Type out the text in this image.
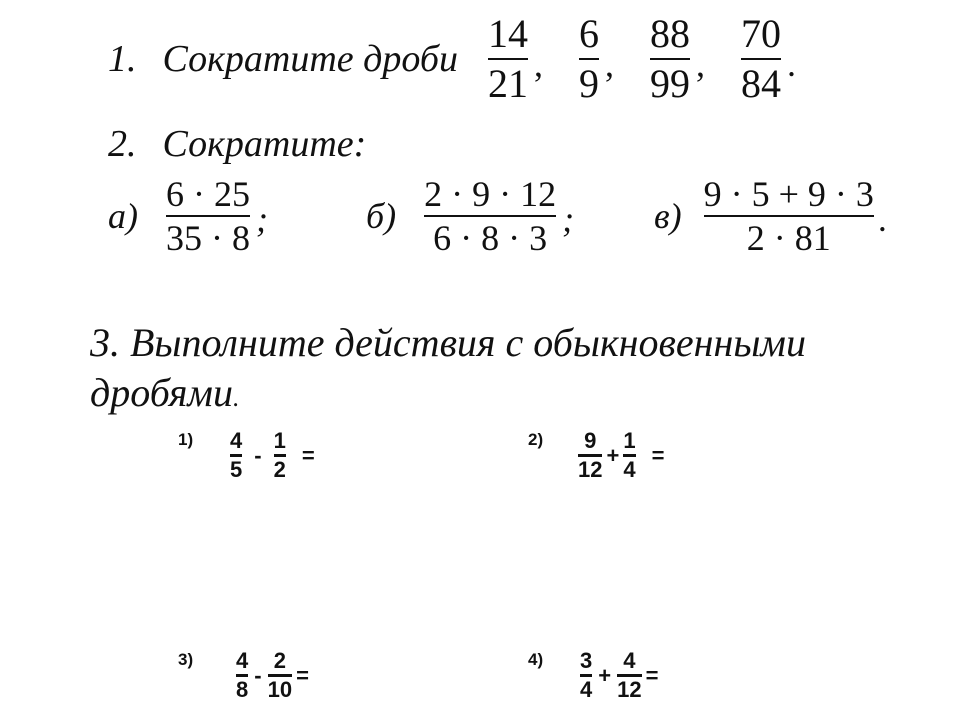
1. Сократите дроби $\frac{14}{21}$ , $\frac{6}{9}$ , $\frac{88}{99}$ , $\frac{70}{84}$ .
2. Сократите:
$а) \frac{6 \cdot 25}{35 \cdot 8}$ ;	$б) \frac{2 \cdot 9 \cdot 12}{6 \cdot 8 \cdot 3}$ ; $в) \frac{9 \cdot 5 + 9 \cdot 3}{2 \cdot 81}$ .
3. Выполните действия с обыкновенными
дробями.
$1) \frac{4}{5} - \frac{1}{2}$ =
$2) \frac{9}{12} + \frac{1}{4}$ =
$3) \frac{4}{8} - \frac{2}{10}$ =
$4) \frac{3}{4} + \frac{4}{12}$ =
